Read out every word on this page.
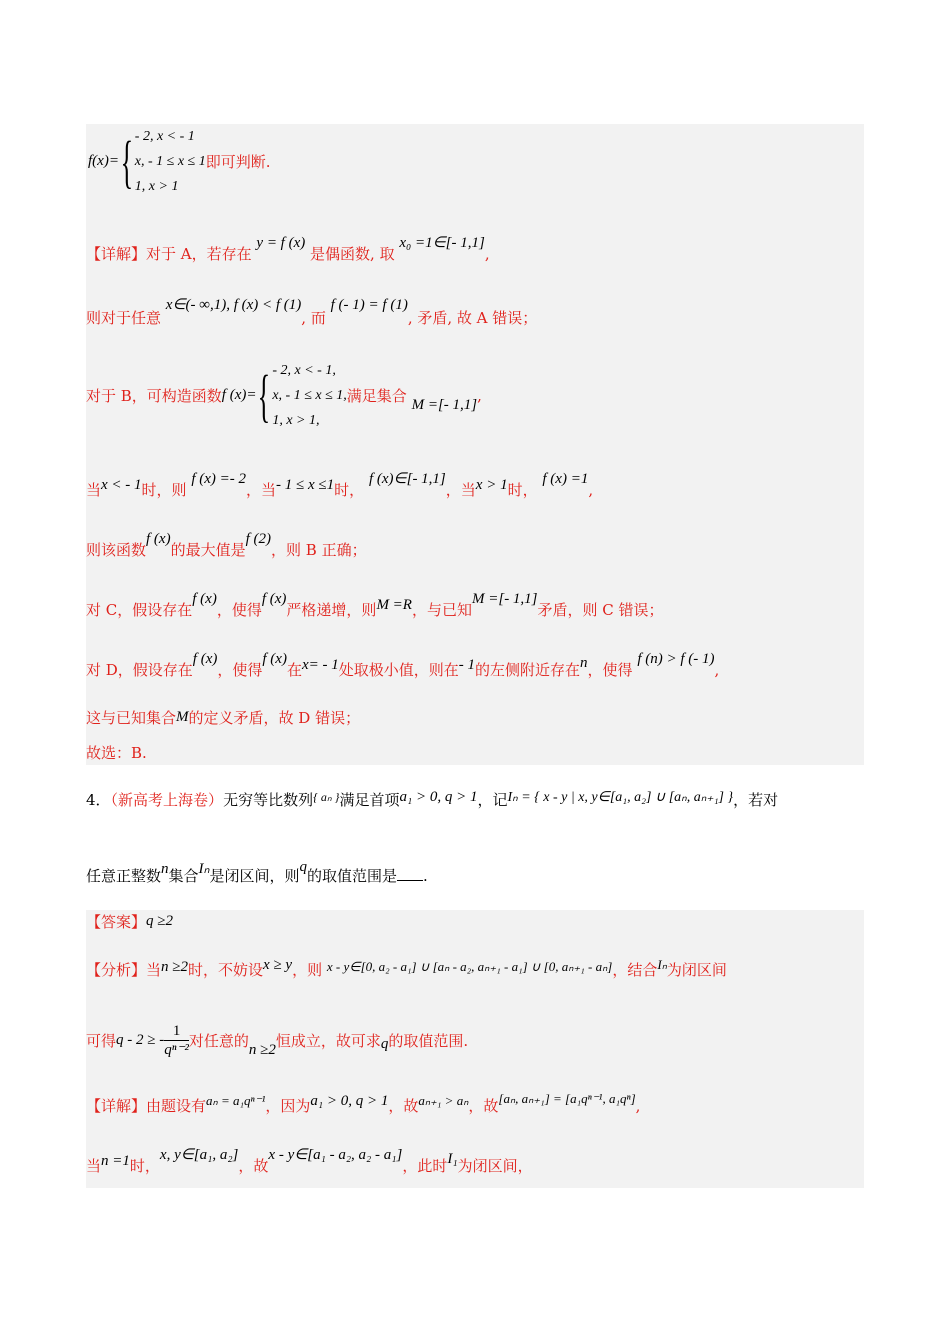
f(x)={ - 2, x < - 1
x, - 1 ≤ x ≤ 1
1, x > 1
即可判断.
【详解】对于 A，若存在 y = f (x) 是偶函数, 取 x₀ =1∈[- 1,1],
则对于任意 x∈(- ∞,1), f (x) < f (1), 而 f (- 1) = f (1), 矛盾, 故 A 错误；
对于 B，可构造函数f (x)={ - 2, x < - 1,
x, - 1 ≤ x ≤ 1,
1, x > 1,
满足集合 M =[- 1,1],
当x < - 1时，则 f (x) =- 2，当- 1 ≤ x ≤1时， f (x)∈[- 1,1]，当x > 1时， f (x) =1,
则该函数f (x)的最大值是f (2)，则 B 正确；
对 C，假设存在f (x)，使得f (x)严格递增，则M =R，与已知M =[- 1,1]矛盾，则 C 错误；
对 D，假设存在f (x)，使得f (x)在x= - 1处取极小值，则在- 1的左侧附近存在n，使得 f (n) > f (- 1),
这与已知集合M的定义矛盾，故 D 错误；
故选：B.
4．（新高考上海卷）无穷等比数列$^{\{ a_n \}}$满足首项a₁ > 0, q > 1，记Iₙ = { x - y | x, y∈[a₁, a₂] ∪ [aₙ, aₙ₊₁] }，若对
任意正整数n集合Iₙ是闭区间，则q的取值范围是 .
【答案】q ≥2
【分析】当n ≥2时，不妨设x ≥ y，则 x - y∈[0, a₂ - a₁] ∪ [aₙ - a₂, aₙ₊₁ - a₁] ∪ [0, aₙ₊₁ - aₙ]，结合Iₙ为闭区间
可得q - 2 ≥ - $\frac{1}{\text{qⁿ⁻²}}$ 对任意的n ≥2恒成立，故可求q的取值范围.
【详解】由题设有aₙ = a₁qⁿ⁻¹，因为a₁ > 0, q > 1，故aₙ₊₁ > aₙ，故[aₙ, aₙ₊₁] = [a₁qⁿ⁻¹, a₁qⁿ],
当n =1时，x, y∈[a₁, a₂]，故x - y∈[a₁ - a₂, a₂ - a₁]，此时I₁为闭区间，
